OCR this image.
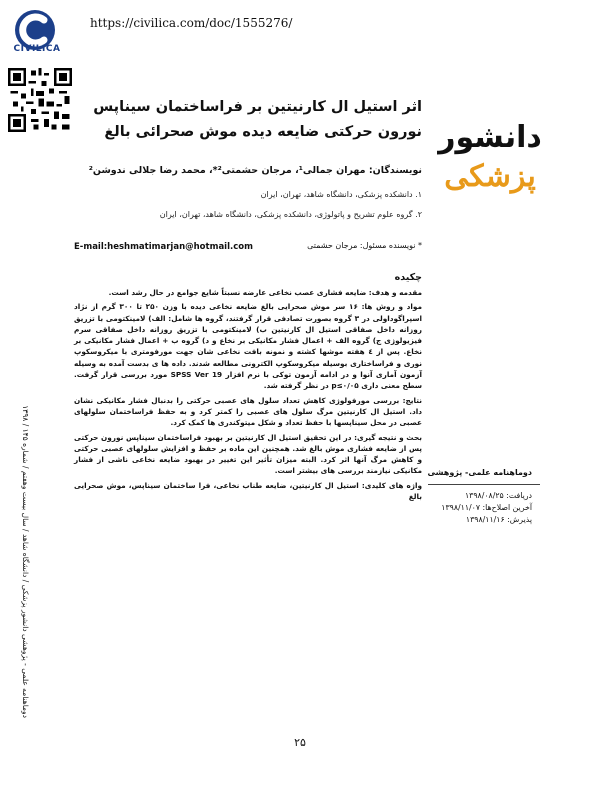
CIVILICA
https://civilica.com/doc/1555276/
اثر استیل ال کارنیتین بر فراساختمان سیناپس
نورون حرکتی ضایعه دیده موش صحرائی بالغ دانشور
پزشکی
نویسندگان: مهران جمالی¹، مرجان حشمتی²*، محمد رضا جلالی ندوشن²
۱. دانشکده پزشکی، دانشگاه شاهد، تهران، ایران
۲. گروه علوم تشریح و پاتولوژی، دانشکده پزشکی، دانشگاه شاهد، تهران، ایران
* نویسنده مسئول: مرجان حشمتی
E-mail:heshmatimarjan@hotmail.com
چکیده

مقدمه و هدف: ضایعه فشاری عصب نخاعی عارضه نسبتاً شایع جوامع در حال رشد است.

مواد و روش ها: ۱۶ سر موش صحرایی بالغ ضایعه نخاعی دیده با وزن ۲۵۰ تا ۳۰۰ گرم از نژاد اسپراگوداولی در ۳ گروه بصورت تصادفی قرار گرفتند، گروه ها شامل: الف) لامینکتومی با تزریق روزانه داخل صفاقی استیل ال کارنیتین ب) لامینکتومی با تزریق روزانه داخل صفاقی سرم فیزیولوژی ج) گروه الف + اعمال فشار مکانیکی بر نخاع و د) گروه ب + اعمال فشار مکانیکی بر نخاع. پس از ٤ هفته موشها کشته و نمونه بافت نخاعی شان جهت مورفومتری با میکروسکوپ نوری و فراساختاری بوسیله میکروسکوپ الکترونی مطالعه شدند. داده ها ی بدست آمده به وسیله آزمون آماری آنوا و در ادامه آزمون توکی با نرم افزار SPSS Ver 19 مورد بررسی قرار گرفت. سطح معنی داری ۰/۰۵≥p در نظر گرفته شد.

نتایج: بررسی مورفولوژی کاهش تعداد سلول های عصبی حرکتی را بدنبال فشار مکانیکی نشان داد. استیل ال کارنیتین مرگ سلول های عصبی را کمتر کرد و به حفظ فراساختمان سلولهای عصبی در محل سیناپسها با حفظ تعداد و شکل میتوکندری ها کمک کرد.

بحث و نتیجه گیری: در این تحقیق استیل ال کارنیتین بر بهبود فراساختمان سیناپس نورون حرکتی پس از ضایعه فشاری موش بالغ شد. همچنین این ماده بر حفظ و افزایش سلولهای عصبی حرکتی و کاهش مرگ آنها اثر کرد. البته میزان تأثیر این تغییر در بهبود ضایعه نخاعی ناشی از فشار مکانیکی نیازمند بررسی های بیشتر است.

واژه های کلیدی: استیل ال کارنیتین، ضایعه طناب نخاعی، فرا ساختمان سیناپس، موش صحرایی بالغ

دوماهنامه علمی- پژوهشی
دریافت: ۱۳۹۸/۰۸/۲۵
آخرین اصلاح‌ها: ۱۳۹۸/۱۱/۰۷
پذیرش: ۱۳۹۸/۱۱/۱۶
دوماهنامه علمی - پژوهشی دانشور پزشکی / دانشگاه شاهد / سال بیست وهفتم / شماره ۱۴۵ / ۱۳۹۸
۲۵
